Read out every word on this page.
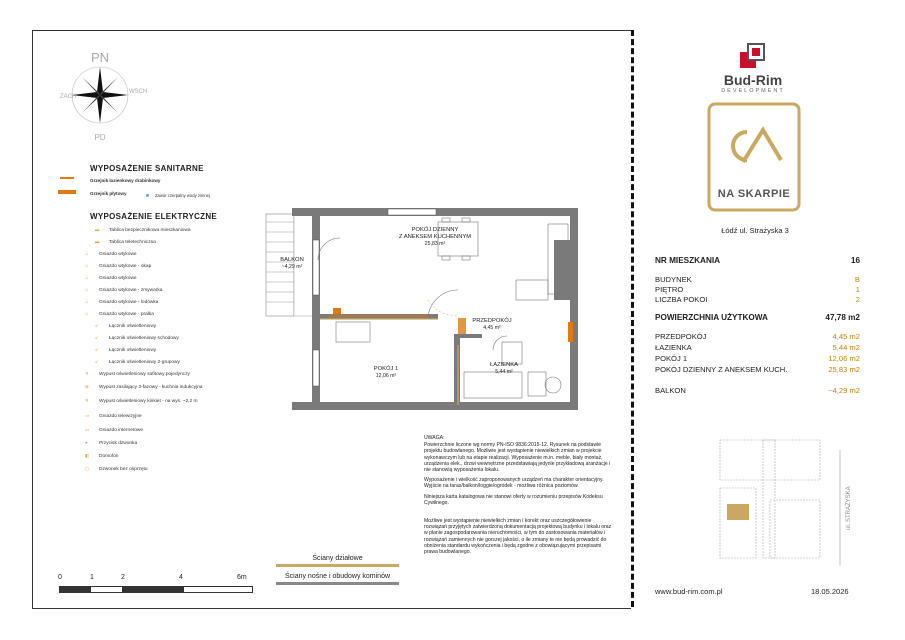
PN
PD
ZACH
WSCH
WYPOSAŻENIE SANITARNE
Grzejnik łazienkowy drabinkowy
Grzejnik płytowy	Zawór czerpalny wody zimnej
WYPOSAŻENIE ELEKTRYCZNE
▬ Tablica bezpiecznikowa mieszkaniowa
▬ Tablica teletechniczna
⊥ Gniazdo wtykowe
⊥ Gniazdo wtykowe - okap
⊥ Gniazdo wtykowe
⊥ Gniazdo wtykowe - zmywarka
⊥ Gniazdo wtykowe - lodówka
⊥ Gniazdo wtykowe - pralka
↙ Łącznik oświetleniowy
↙ Łącznik oświetleniowy schodowy
↙ Łącznik oświetleniowy
↙ Łącznik oświetleniowy 2-grupowy
✕ Wypust oświetleniowy sufitowy pojedynczy
⊗ Wypust zasilający 3-fazowy - kuchnia indukcyjna
✕ Wypust oświetleniowy kinkiet - na wys. ~2,2 m
▭ Gniazdo telewizyjne
▭ Gniazdo internetowe
● Przycisk dzwonka
◧ Domofon
▢ Dzwonek bez osprzętu
POKÓJ DZIENNY
Z ANEKSEM KUCHENNYM
25,83 m²
PRZEDPOKÓJ
4,45 m²
ŁAZIENKA
5,44 m²
POKÓJ 1
12,06 m²
BALKON
~4,29 m²

UWAGA:

Powierzchnie liczone wg normy PN-ISO 9836:2015-12. Rysunek na podstawie projektu budowlanego. Możliwie jest wystąpienie niewielkich zmian w projekcie wykonawczym lub na etapie realizacji. Wyposażenie m.in. meble, biały montaż, urządzenia elek., drzwi wewnętrzne przedstawiają jedynie przykładową aranżacje i nie stanowią wyposażenia lokalu.

Wyposażenie i wielkość zaproponowanych urządzeń ma charakter orientacyjny. Wyjście na taras/balkon/loggie/ogródek - możliwa różnica poziomów.

Niniejsza karta katalogowa nie stanowi oferty w rozumieniu przepisów Kodeksu Cywilnego.

Możliwe jest wystąpienie niewielkich zmian i korekt oraz uszczegółowienie rozwiązań przyjętych zatwierdzoną dokumentacją projektową budynku i lokalu oraz w planie zagospodarowania nieruchomości, w tym do zastosowania materiałów i rozwiązań zamiennych nie gorszej jakości, o ile zmiany te nie będą prowadzić do obniżenia standardu wykończenia i będą zgodne z obowiązującymi przepisami prawa budowlanego.

Ściany działowe
Ściany nośne i obudowy kominów
0	1	2	4	6m
Bud-Rim
DEVELOPMENT
NA SKARPIE
Łódź ul. Strażyska 3
NR MIESZKANIA	16
BUDYNEK	B
PIĘTRO	1
LICZBA POKOI	2
POWIERZCHNIA UŻYTKOWA	47,78 m2
PRZEDPOKÓJ	4,45 m2
ŁAZIENKA	5,44 m2
POKÓJ 1	12,06 m2
POKÓJ DZIENNY Z ANEKSEM KUCH.	25,83 m2
BALKON	~4,29 m2
ul. STRAŻYSKA
www.bud-rim.com.pl	18.05.2026
